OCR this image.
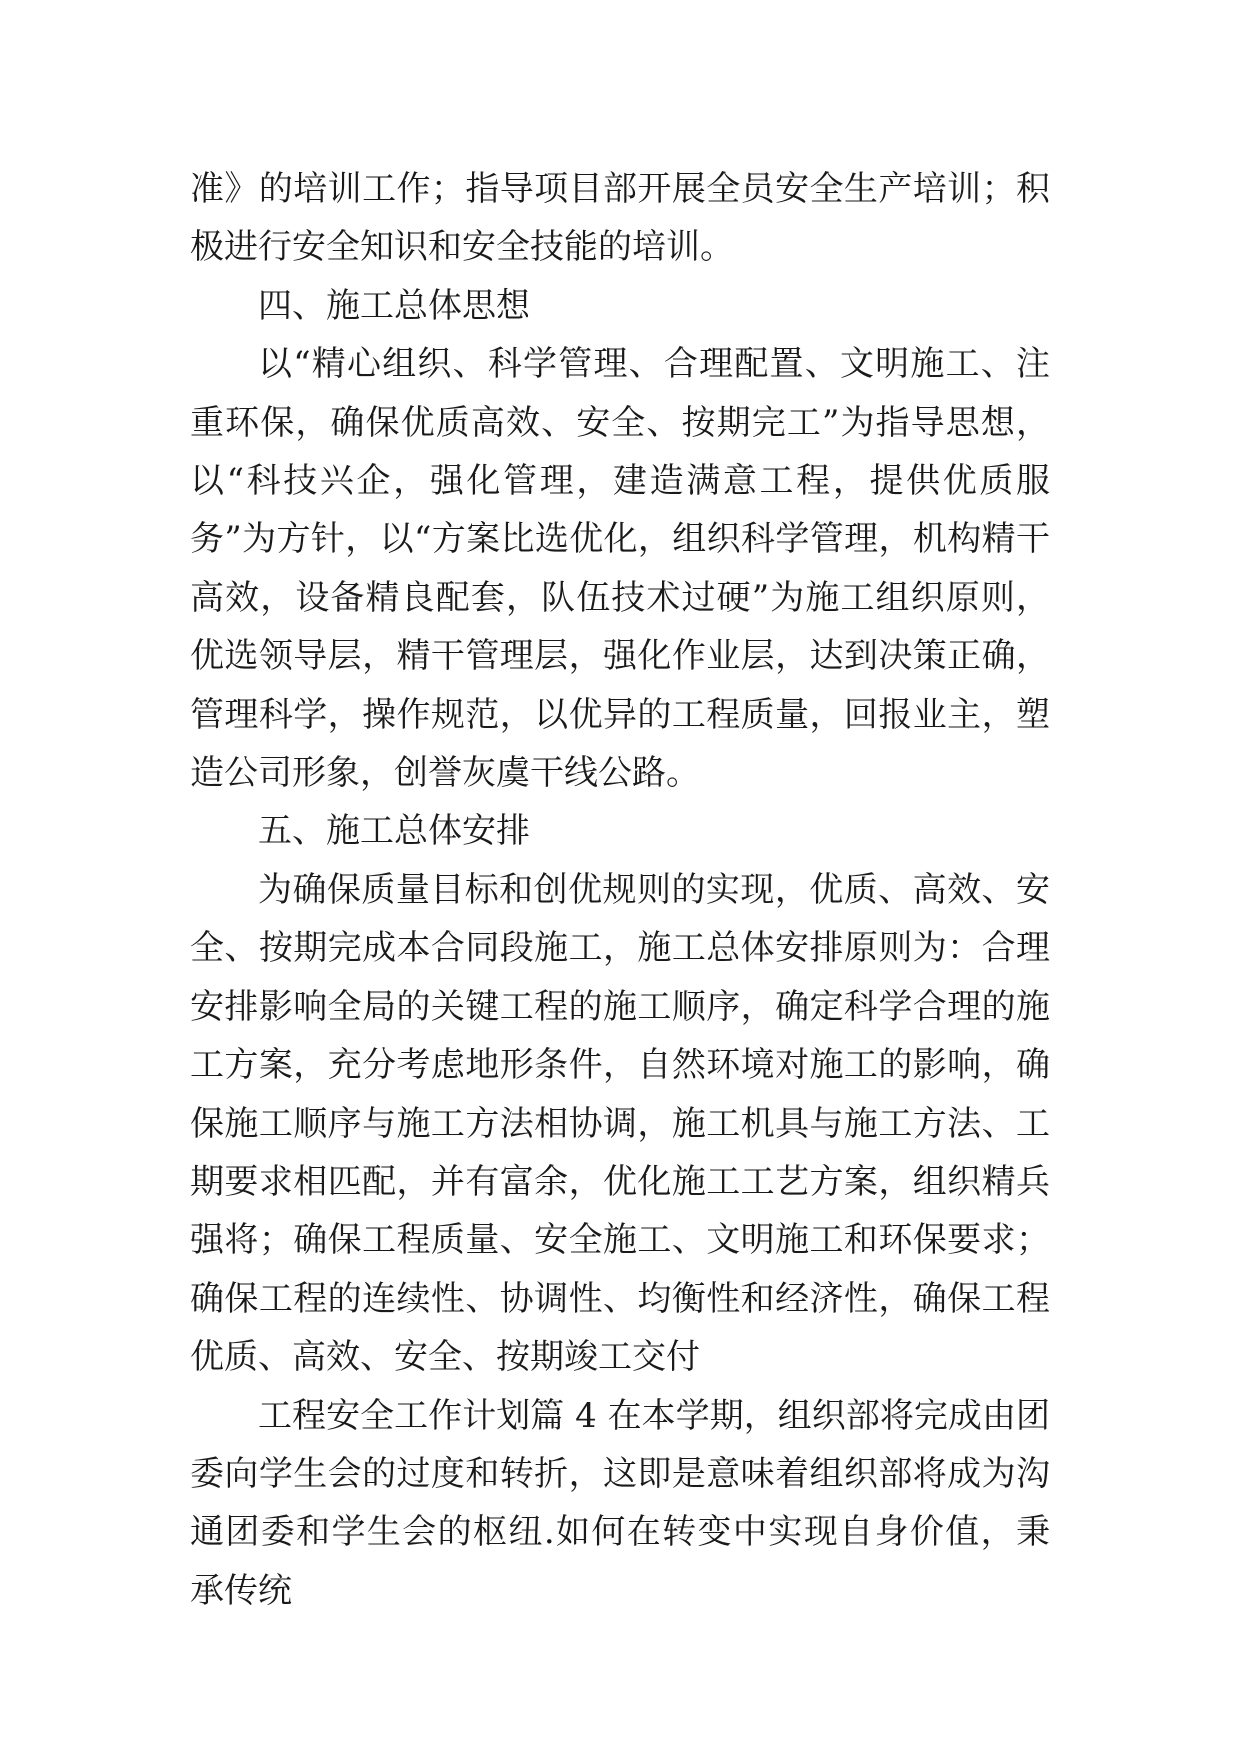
准》的培训工作；指导项目部开展全员安全生产培训；积极进行安全知识和安全技能的培训。

四、施工总体思想

以“精心组织、科学管理、合理配置、文明施工、注重环保，确保优质高效、安全、按期完工”为指导思想，以“科技兴企，强化管理，建造满意工程，提供优质服务”为方针，以“方案比选优化，组织科学管理，机构精干高效，设备精良配套，队伍技术过硬”为施工组织原则，优选领导层，精干管理层，强化作业层，达到决策正确，管理科学，操作规范，以优异的工程质量，回报业主，塑造公司形象，创誉灰虞干线公路。

五、施工总体安排

为确保质量目标和创优规则的实现，优质、高效、安全、按期完成本合同段施工，施工总体安排原则为：合理安排影响全局的关键工程的施工顺序，确定科学合理的施工方案，充分考虑地形条件，自然环境对施工的影响，确保施工顺序与施工方法相协调，施工机具与施工方法、工期要求相匹配，并有富余，优化施工工艺方案，组织精兵强将；确保工程质量、安全施工、文明施工和环保要求；确保工程的连续性、协调性、均衡性和经济性，确保工程优质、高效、安全、按期竣工交付

工程安全工作计划篇 4 在本学期，组织部将完成由团委向学生会的过度和转折，这即是意味着组织部将成为沟通团委和学生会的枢纽.如何在转变中实现自身价值，秉承传统
